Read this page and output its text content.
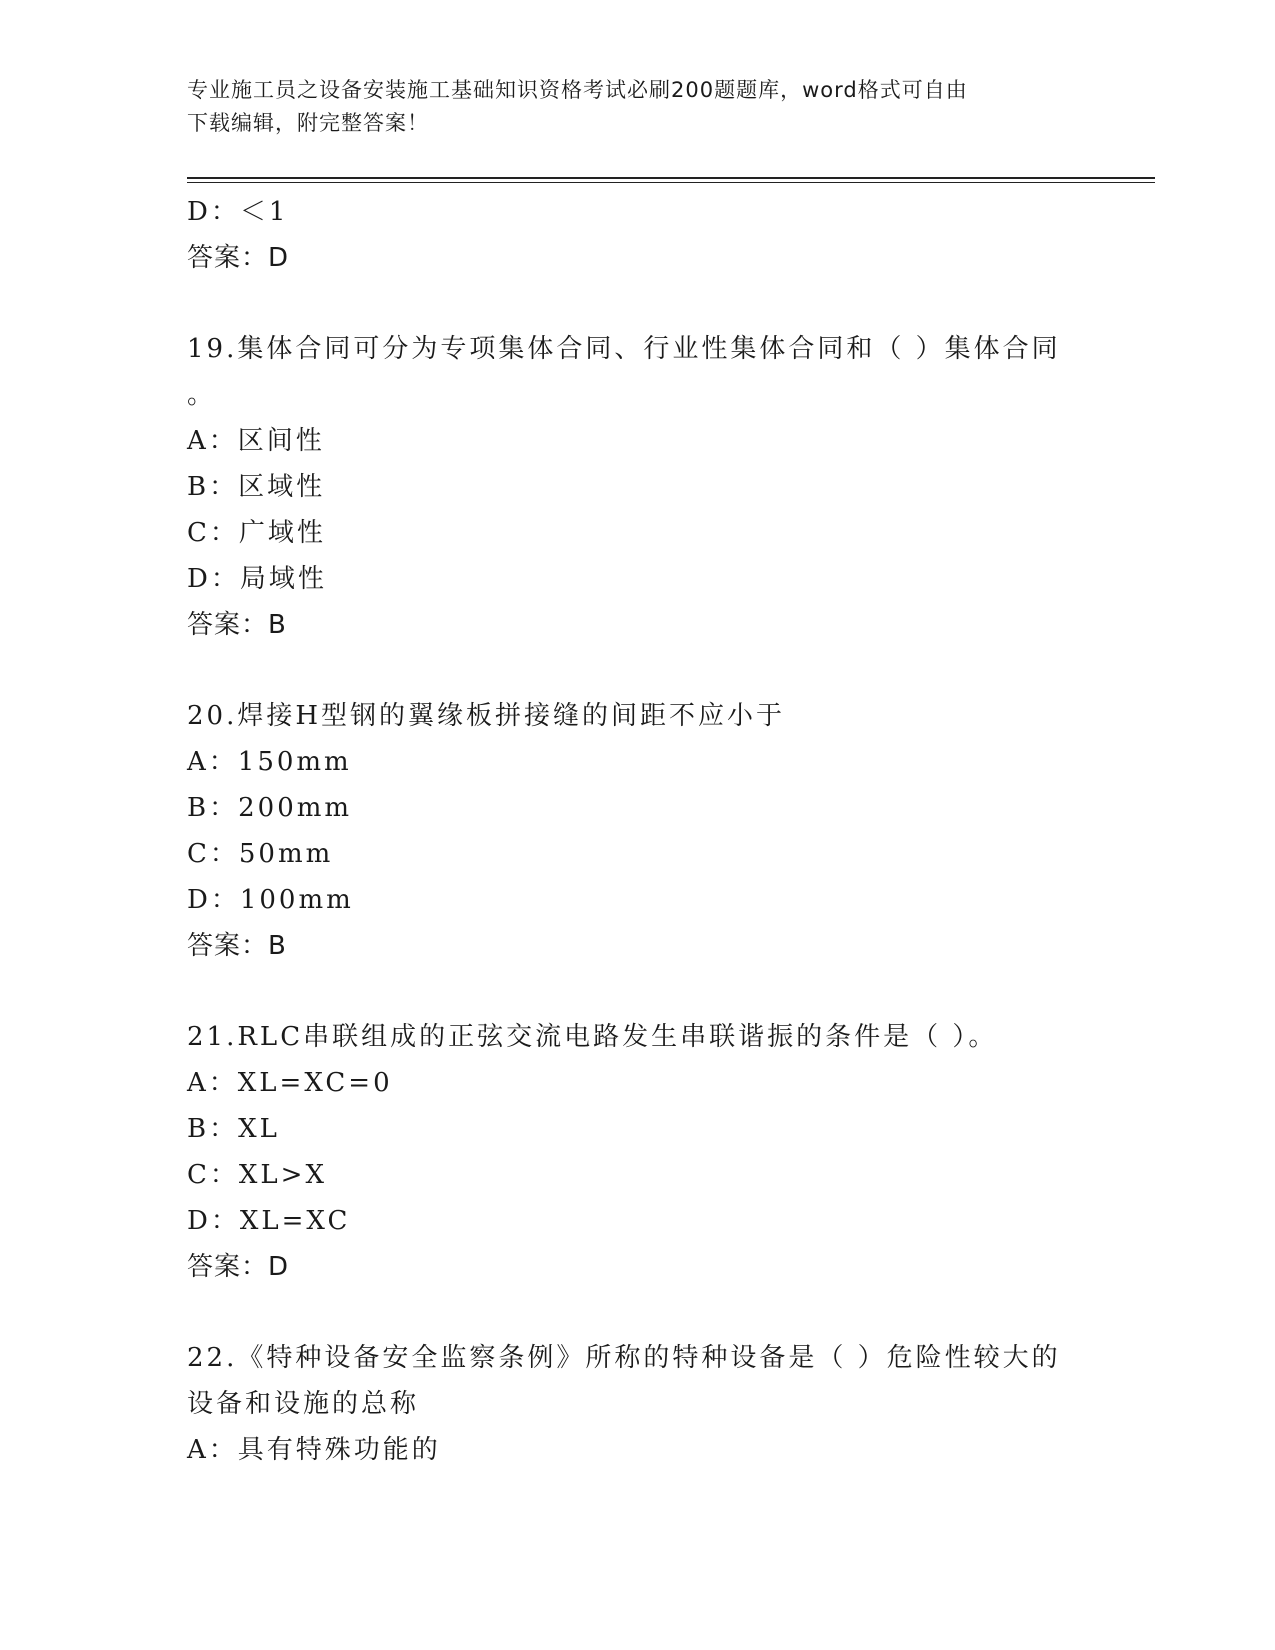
专业施工员之设备安装施工基础知识资格考试必刷200题题库，word格式可自由
下载编辑，附完整答案！
D：＜1
答案：D
19.集体合同可分为专项集体合同、行业性集体合同和（ ）集体合同
。
A：区间性
B：区域性
C：广域性
D：局域性
答案：B
20.焊接H型钢的翼缘板拼接缝的间距不应小于
A：150mm
B：200mm
C：50mm
D：100mm
答案：B
21.RLC串联组成的正弦交流电路发生串联谐振的条件是（ ）。
A：XL=XC=0
B：XL
C：XL>X
D：XL=XC
答案：D
22.《特种设备安全监察条例》所称的特种设备是（ ）危险性较大的
设备和设施的总称
A：具有特殊功能的
